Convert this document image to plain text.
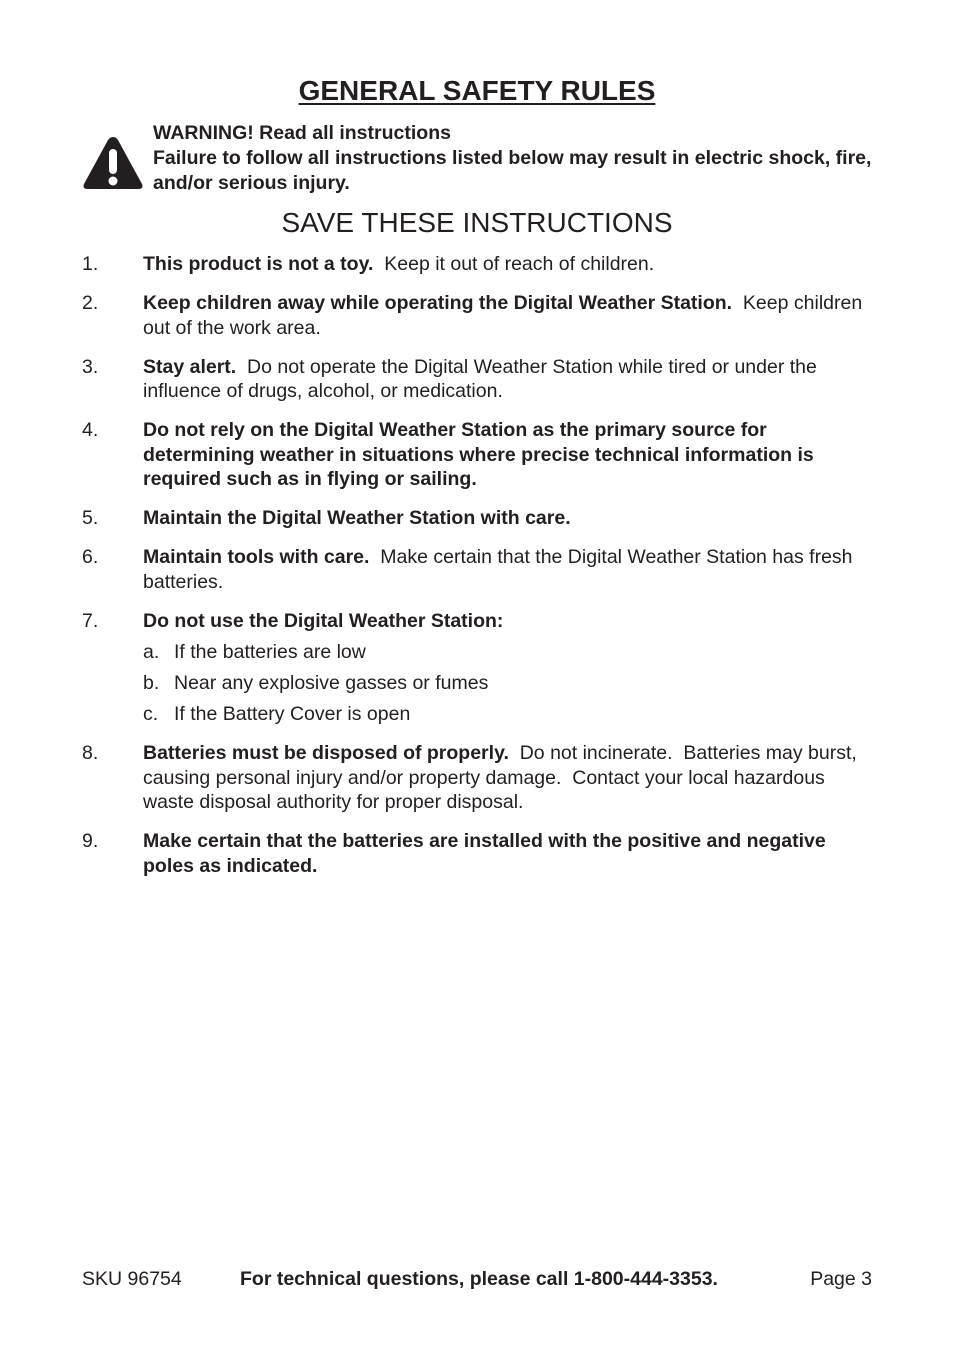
GENERAL SAFETY RULES
WARNING! Read all instructions
Failure to follow all instructions listed below may result in electric shock, fire, and/or serious injury.
SAVE THESE INSTRUCTIONS
1. This product is not a toy.  Keep it out of reach of children.
2. Keep children away while operating the Digital Weather Station.  Keep children out of the work area.
3. Stay alert.  Do not operate the Digital Weather Station while tired or under the influence of drugs, alcohol, or medication.
4. Do not rely on the Digital Weather Station as the primary source for determining weather in situations where precise technical information is required such as in flying or sailing.
5. Maintain the Digital Weather Station with care.
6. Maintain tools with care.  Make certain that the Digital Weather Station has fresh batteries.
7. Do not use the Digital Weather Station:
a. If the batteries are low
b. Near any explosive gasses or fumes
c. If the Battery Cover is open
8. Batteries must be disposed of properly.  Do not incinerate.  Batteries may burst, causing personal injury and/or property damage.  Contact your local hazardous waste disposal authority for proper disposal.
9. Make certain that the batteries are installed with the positive and negative poles as indicated.
SKU 96754	For technical questions, please call 1-800-444-3353.	Page 3
